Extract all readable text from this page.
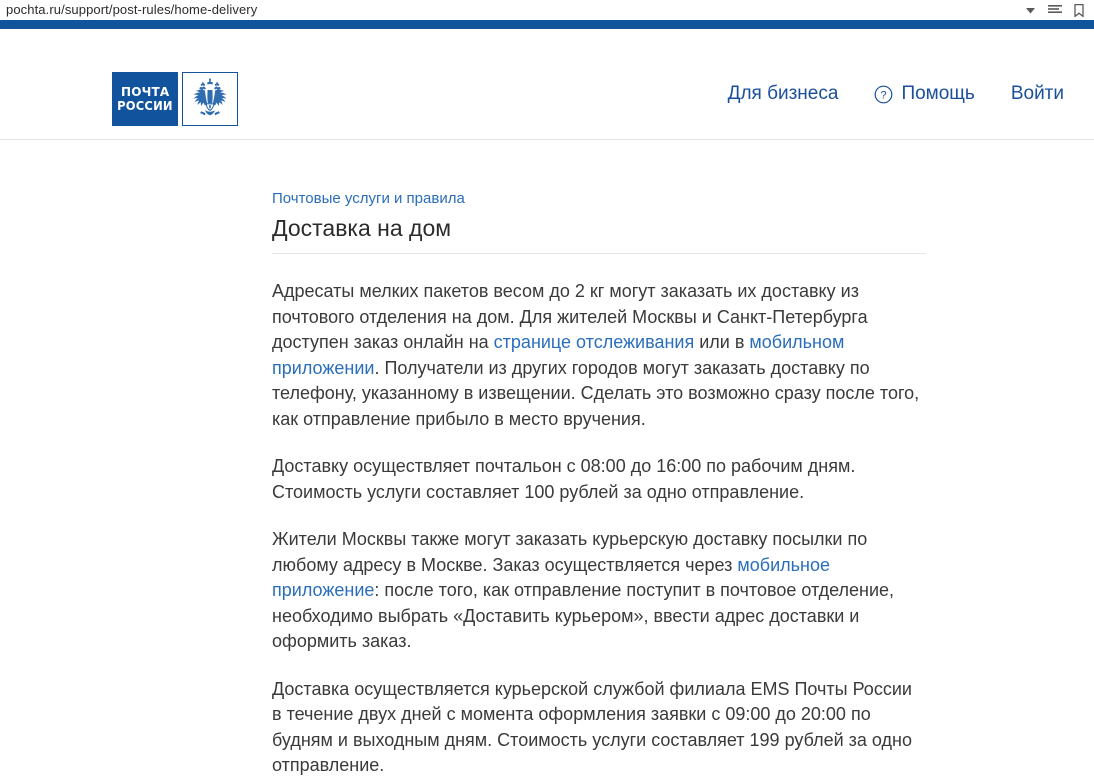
pochta.ru/support/post-rules/home-delivery
ПОЧТА
РОССИИ
Для бизнеса	? Помощь Войти
Почтовые услуги и правила
Доставка на дом

Адресаты мелких пакетов весом до 2 кг могут заказать их доставку из почтового отделения на дом. Для жителей Москвы и Санкт-Петербурга доступен заказ онлайн на странице отслеживания или в мобильном приложении. Получатели из других городов могут заказать доставку по телефону, указанному в извещении. Сделать это возможно сразу после того, как отправление прибыло в место вручения.

Доставку осуществляет почтальон с 08:00 до 16:00 по рабочим дням. Стоимость услуги составляет 100 рублей за одно отправление.

Жители Москвы также могут заказать курьерскую доставку посылки по любому адресу в Москве. Заказ осуществляется через мобильное приложение: после того, как отправление поступит в почтовое отделение, необходимо выбрать «Доставить курьером», ввести адрес доставки и оформить заказ.

Доставка осуществляется курьерской службой филиала EMS Почты России в течение двух дней с момента оформления заявки с 09:00 до 20:00 по будням и выходным дням. Стоимость услуги составляет 199 рублей за одно отправление.
